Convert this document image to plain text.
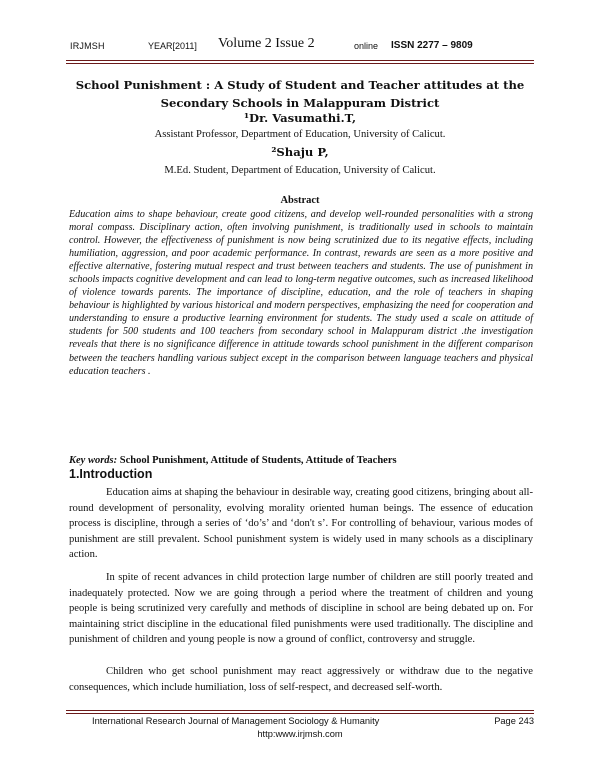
IRJMSH	YEAR[2011] Volume 2 Issue 2	online ISSN 2277 – 9809
School Punishment : A Study of Student and Teacher attitudes at the Secondary Schools in Malappuram District
¹Dr. Vasumathi.T,
Assistant Professor, Department of Education, University of Calicut.
²Shaju P,
M.Ed. Student, Department of Education, University of Calicut.
Abstract

Education aims to shape behaviour, create good citizens, and develop well-rounded personalities with a strong moral compass. Disciplinary action, often involving punishment, is traditionally used in schools to maintain control. However, the effectiveness of punishment is now being scrutinized due to its negative effects, including humiliation, aggression, and poor academic performance. In contrast, rewards are seen as a more positive and effective alternative, fostering mutual respect and trust between teachers and students. The use of punishment in schools impacts cognitive development and can lead to long-term negative outcomes, such as increased likelihood of violence towards parents. The importance of discipline, education, and the role of teachers in shaping behaviour is highlighted by various historical and modern perspectives, emphasizing the need for cooperation and understanding to ensure a productive learning environment for students. The study used a scale on attitude of students for 500 students and 100 teachers from secondary school in Malappuram district .the investigation reveals that there is no significance difference in attitude towards school punishment in the different comparison between the teachers handling various subject except in the comparison between language teachers and physical education teachers .

Key words: School Punishment, Attitude of Students, Attitude of Teachers
1.Introduction

Education aims at shaping the behaviour in desirable way, creating good citizens, bringing about all-round development of personality, evolving morality oriented human beings. The essence of education process is discipline, through a series of ‘do’s’ and ‘don't s’. For controlling of behaviour, various modes of punishment are still prevalent. School punishment system is widely used in many schools as a disciplinary action.

In spite of recent advances in child protection large number of children are still poorly treated and inadequately protected. Now we are going through a period where the treatment of children and young people is being scrutinized very carefully and methods of discipline in school are being debated up on. For maintaining strict discipline in the educational filed punishments were used traditionally. The discipline and punishment of children and young people is now a ground of conflict, controversy and struggle.

Children who get school punishment may react aggressively or withdraw due to the negative consequences, which include humiliation, loss of self-respect, and decreased self-worth.

International Research Journal of Management Sociology & Humanity	Page 243
http:www.irjmsh.com
